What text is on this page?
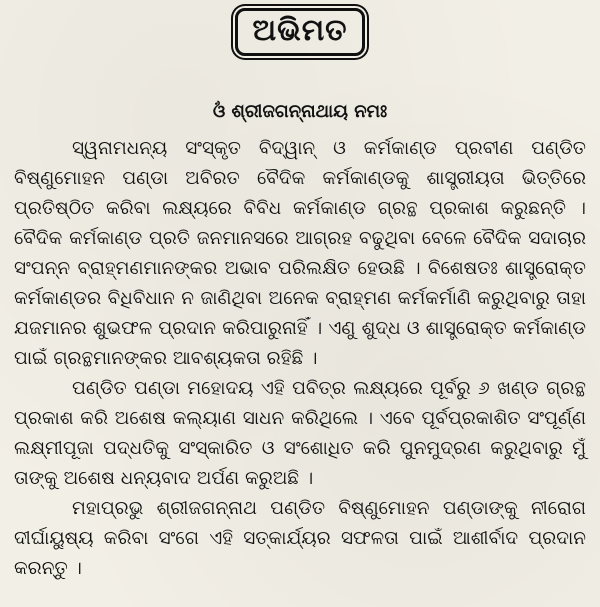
ଅଭିମତ
ଓଁ ଶ୍ରୀଜଗନ୍ନାଥାୟ ନମଃ

ସ୍ୱନାମଧନ୍ୟ ସଂସ୍କୃତ ବିଦ୍ୱାନ୍ ଓ କର୍ମକାଣ୍ଡ ପ୍ରବୀଣ ପଣ୍ଡିତ ବିଷ୍ଣୁମୋହନ ପଣ୍ଡା ଅବିରତ ବୈଦିକ କର୍ମକାଣ୍ଡକୁ ଶାସ୍ତ୍ରୀୟତା ଭିତ୍ତିରେ ପ୍ରତିଷ୍ଠିତ କରିବା ଲକ୍ଷ୍ୟରେ ବିବିଧ କର୍ମକାଣ୍ଡ ଗ୍ରନ୍ଥ ପ୍ରକାଶ କରୁଛନ୍ତି । ବୈଦିକ କର୍ମକାଣ୍ଡ ପ୍ରତି ଜନମାନସରେ ଆଗ୍ରହ ବଢୁଥିବା ବେଳେ ବୈଦିକ ସଦାଚାର ସଂପନ୍ନ ବ୍ରାହ୍ମଣମାନଙ୍କର ଅଭାବ ପରିଲକ୍ଷିତ ହେଉଛି । ବିଶେଷତଃ ଶାସ୍ତ୍ରୋକ୍ତ କର୍ମକାଣ୍ଡର ବିଧିବିଧାନ ନ ଜାଣିଥିବା ଅନେକ ବ୍ରାହ୍ମଣ କର୍ମକର୍ମାଣି କରୁଥିବାରୁ ତାହା ଯଜମାନର ଶୁଭଫଳ ପ୍ରଦାନ କରିପାରୁନାହିଁ । ଏଣୁ ଶୁଦ୍ଧ ଓ ଶାସ୍ତ୍ରୋକ୍ତ କର୍ମକାଣ୍ଡ ପାଇଁ ଗ୍ରନ୍ଥମାନଙ୍କର ଆବଶ୍ୟକତା ରହିଛି ।

ପଣ୍ଡିତ ପଣ୍ଡା ମହୋଦୟ ଏହି ପବିତ୍ର ଲକ୍ଷ୍ୟରେ ପୂର୍ବରୁ ୬ ଖଣ୍ଡ ଗ୍ରନ୍ଥ ପ୍ରକାଶ କରି ଅଶେଷ କଲ୍ୟାଣ ସାଧନ କରିଥିଲେ । ଏବେ ପୂର୍ବପ୍ରକାଶିତ ସଂପୂର୍ଣ୍ଣ ଲକ୍ଷ୍ମୀପୂଜା ପଦ୍ଧତିକୁ ସଂସ୍କାରିତ ଓ ସଂଶୋଧିତ କରି ପୁନମୁଦ୍ରଣ କରୁଥିବାରୁ ମୁଁ ତାଙ୍କୁ ଅଶେଷ ଧନ୍ୟବାଦ ଅର୍ପଣ କରୁଅଛି ।

ମହାପ୍ରଭୁ ଶ୍ରୀଜଗନ୍ନାଥ ପଣ୍ଡିତ ବିଷ୍ଣୁମୋହନ ପଣ୍ଡାଙ୍କୁ ନୀରୋଗ ଦୀର୍ଘାୟୁଷ୍ୟ କରିବା ସଂଗେ ଏହି ସତ୍କାର୍ଯ୍ୟର ସଫଳତା ପାଇଁ ଆଶୀର୍ବାଦ ପ୍ରଦାନ କରନ୍ତୁ ।
